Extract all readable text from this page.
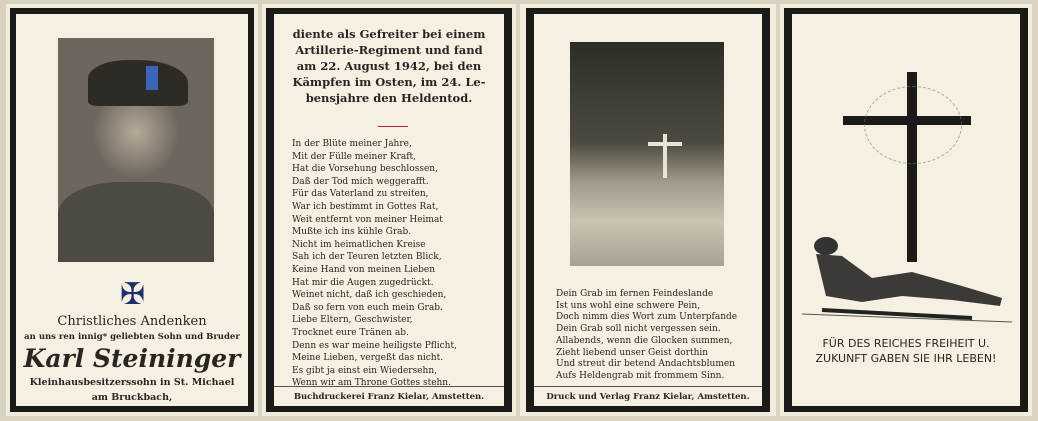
✠
Christliches Andenken
an uns ren innig* geliebten Sohn und Bruder
Karl Steininger
Kleinhausbesitzerssohn in St. Michael
am Bruckbach,
diente als Gefreiter bei einem
Artillerie-Regiment und fand
am 22. August 1942, bei den
Kämpfen im Osten, im 24. Le-
bensjahre den Heldentod.
In der Blüte meiner Jahre,
Mit der Fülle meiner Kraft,
Hat die Vorsehung beschlossen,
Daß der Tod mich weggerafft.
Für das Vaterland zu streiten,
War ich bestimmt in Gottes Rat,
Weit entfernt von meiner Heimat
Mußte ich ins kühle Grab.
Nicht im heimatlichen Kreise
Sah ich der Teuren letzten Blick,
Keine Hand von meinen Lieben
Hat mir die Augen zugedrückt.
Weinet nicht, daß ich geschieden,
Daß so fern von euch mein Grab.
Liebe Eltern, Geschwister,
Trocknet eure Tränen ab.
Denn es war meine heiligste Pflicht,
Meine Lieben, vergeßt das nicht.
Es gibt ja einst ein Wiedersehn,
Wenn wir am Throne Gottes stehn.
Buchdruckerei Franz Kielar, Amstetten.
Dein Grab im fernen Feindeslande
Ist uns wohl eine schwere Pein,
Doch nimm dies Wort zum Unterpfande
Dein Grab soll nicht vergessen sein.
Allabends, wenn die Glocken summen,
Zieht liebend unser Geist dorthin
Und streut dir betend Andachtsblumen
Aufs Heldengrab mit frommem Sinn.
Druck und Verlag Franz Kielar, Amstetten.
FÜR DES REICHES FREIHEIT U.
ZUKUNFT GABEN SIE IHR LEBEN!
